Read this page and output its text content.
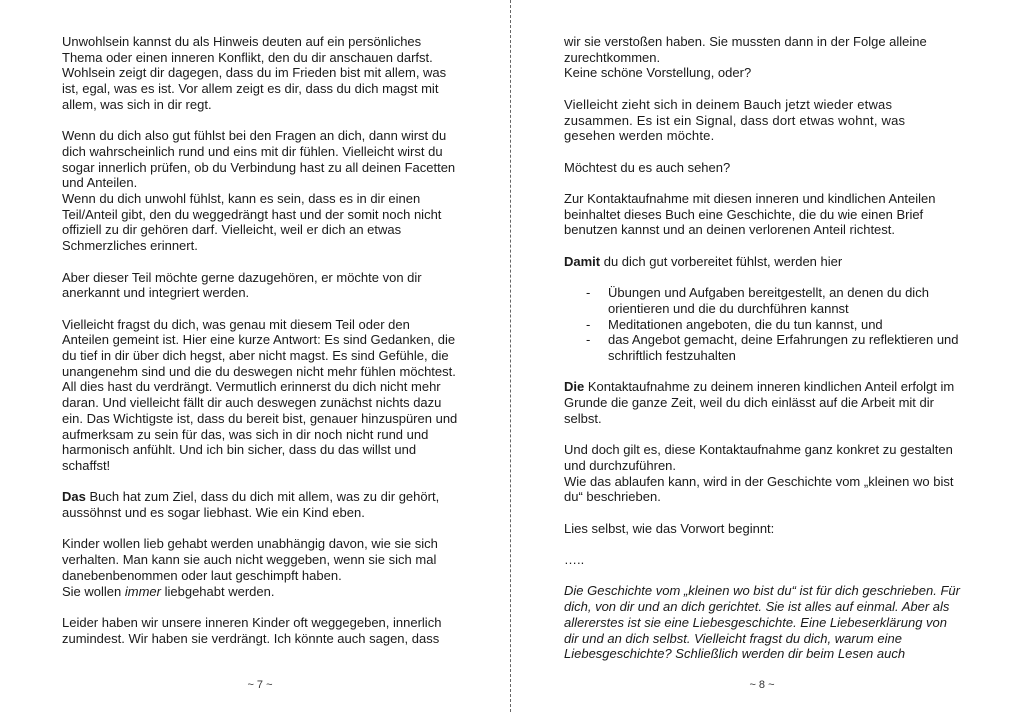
Unwohlsein kannst du als Hinweis deuten auf ein persönliches Thema oder einen inneren Konflikt, den du dir anschauen darfst. Wohlsein zeigt dir dagegen, dass du im Frieden bist mit allem, was ist, egal, was es ist. Vor allem zeigt es dir, dass du dich magst mit allem, was sich in dir regt.

Wenn du dich also gut fühlst bei den Fragen an dich, dann wirst du dich wahrscheinlich rund und eins mit dir fühlen. Vielleicht wirst du sogar innerlich prüfen, ob du Verbindung hast zu all deinen Facetten und Anteilen.

Wenn du dich unwohl fühlst, kann es sein, dass es in dir einen Teil/Anteil gibt, den du weggedrängt hast und der somit noch nicht offiziell zu dir gehören darf. Vielleicht, weil er dich an etwas Schmerzliches erinnert.

Aber dieser Teil möchte gerne dazugehören, er möchte von dir anerkannt und integriert werden.

Vielleicht fragst du dich, was genau mit diesem Teil oder den Anteilen gemeint ist. Hier eine kurze Antwort: Es sind Gedanken, die du tief in dir über dich hegst, aber nicht magst. Es sind Gefühle, die unangenehm sind und die du deswegen nicht mehr fühlen möchtest. All dies hast du verdrängt. Vermutlich erinnerst du dich nicht mehr daran. Und vielleicht fällt dir auch deswegen zunächst nichts dazu ein. Das Wichtigste ist, dass du bereit bist, genauer hinzuspüren und aufmerksam zu sein für das, was sich in dir noch nicht rund und harmonisch anfühlt. Und ich bin sicher, dass du das willst und schaffst!

Das Buch hat zum Ziel, dass du dich mit allem, was zu dir gehört, aussöhnst und es sogar liebhast. Wie ein Kind eben.

Kinder wollen lieb gehabt werden unabhängig davon, wie sie sich verhalten. Man kann sie auch nicht weggeben, wenn sie sich mal danebenbenommen oder laut geschimpft haben.

Sie wollen immer liebgehabt werden.

Leider haben wir unsere inneren Kinder oft weggegeben, innerlich zumindest. Wir haben sie verdrängt. Ich könnte auch sagen, dass

wir sie verstoßen haben. Sie mussten dann in der Folge alleine zurechtkommen.

Keine schöne Vorstellung, oder?

Vielleicht zieht sich in deinem Bauch jetzt wieder etwas zusammen. Es ist ein Signal, dass dort etwas wohnt, was gesehen werden möchte.

Möchtest du es auch sehen?

Zur Kontaktaufnahme mit diesen inneren und kindlichen Anteilen beinhaltet dieses Buch eine Geschichte, die du wie einen Brief benutzen kannst und an deinen verlorenen Anteil richtest.

Damit du dich gut vorbereitet fühlst, werden hier

- Übungen und Aufgaben bereitgestellt, an denen du dich orientieren und die du durchführen kannst
- Meditationen angeboten, die du tun kannst, und
- das Angebot gemacht, deine Erfahrungen zu reflektieren und schriftlich festzuhalten

Die Kontaktaufnahme zu deinem inneren kindlichen Anteil erfolgt im Grunde die ganze Zeit, weil du dich einlässt auf die Arbeit mit dir selbst.

Und doch gilt es, diese Kontaktaufnahme ganz konkret zu gestalten und durchzuführen.

Wie das ablaufen kann, wird in der Geschichte vom „kleinen wo bist du“ beschrieben.

Lies selbst, wie das Vorwort beginnt:

…..

Die Geschichte vom „kleinen wo bist du“ ist für dich geschrieben. Für dich, von dir und an dich gerichtet. Sie ist alles auf einmal. Aber als allererstes ist sie eine Liebesgeschichte. Eine Liebeserklärung von dir und an dich selbst. Vielleicht fragst du dich, warum eine Liebesgeschichte? Schließlich werden dir beim Lesen auch

~ 7 ~	~ 8 ~
